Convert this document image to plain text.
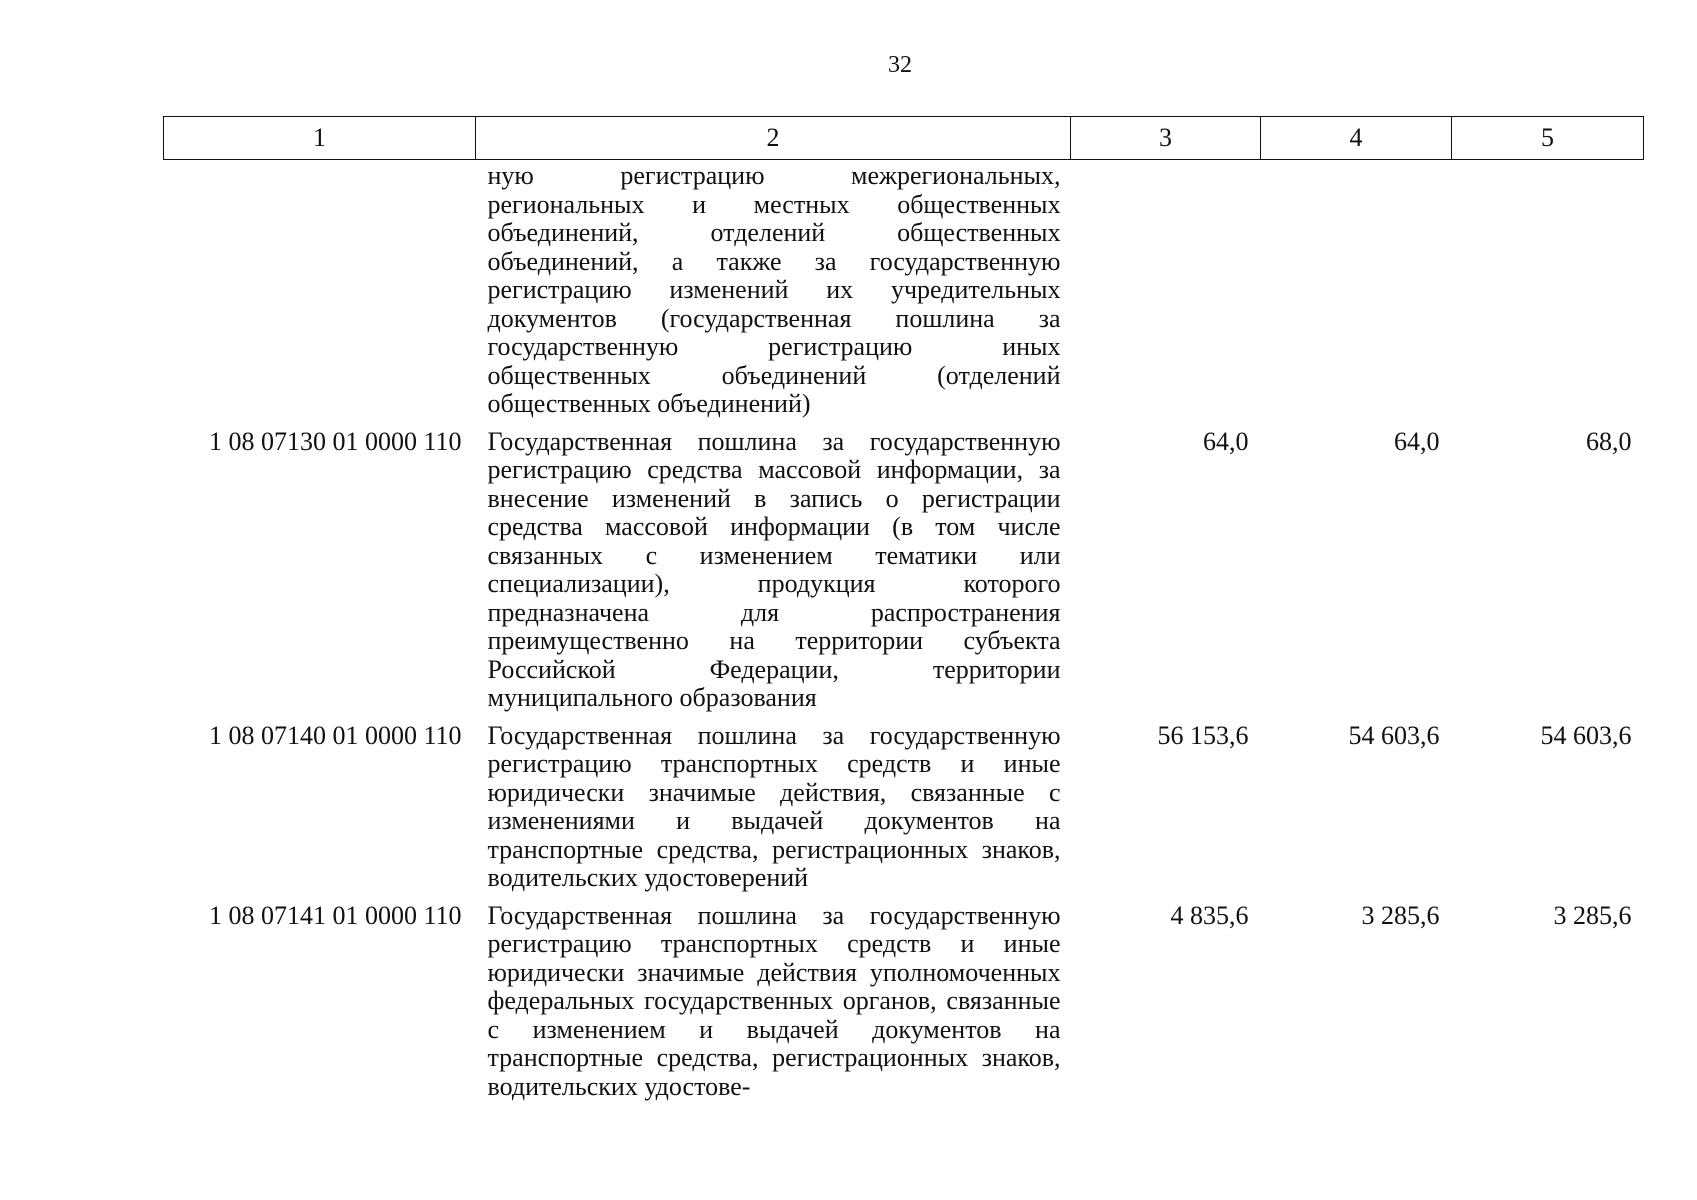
32
1	2	3	4	5
	ную регистрацию межрегиональных, региональных и местных общественных объединений, отделений общественных объединений, а также за государственную регистрацию изменений их учредительных документов (государственная пошлина за государственную регистрацию иных общественных объединений (отделений общественных объединений)			
1 08 07130 01 0000 110	Государственная пошлина за государственную регистрацию средства массовой информации, за внесение изменений в запись о регистрации средства массовой информации (в том числе связанных с изменением тематики или специализации), продукция которого предназначена для распространения преимущественно на территории субъекта Российской Федерации, территории муниципального образования	64,0	64,0	68,0
1 08 07140 01 0000 110	Государственная пошлина за государственную регистрацию транспортных средств и иные юридически значимые действия, связанные с изменениями и выдачей документов на транспортные средства, регистрационных знаков, водительских удостоверений	56 153,6	54 603,6	54 603,6
1 08 07141 01 0000 110	Государственная пошлина за государственную регистрацию транспортных средств и иные юридически значимые действия уполномоченных федеральных государственных органов, связанные с изменением и выдачей документов на транспортные средства, регистрационных знаков, водительских удостове-	4 835,6	3 285,6	3 285,6
